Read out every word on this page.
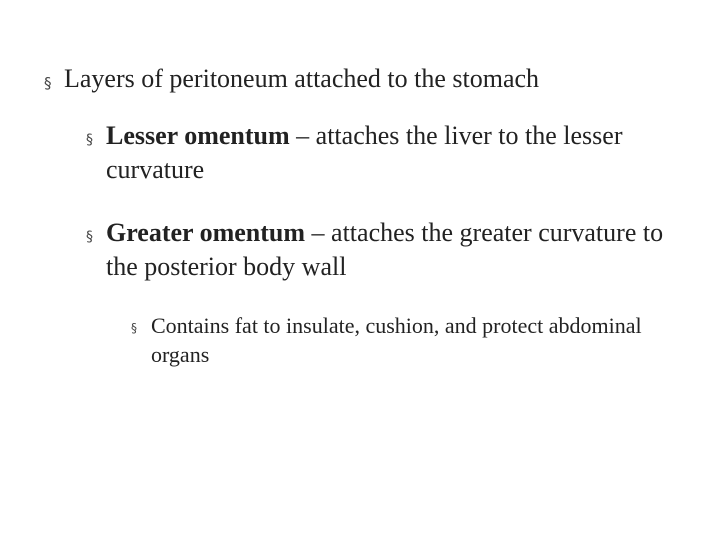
§ Layers of peritoneum attached to the stomach
§ Lesser omentum – attaches the liver to the lesser curvature
§ Greater omentum – attaches the greater curvature to the posterior body wall
§ Contains fat to insulate, cushion, and protect abdominal organs
